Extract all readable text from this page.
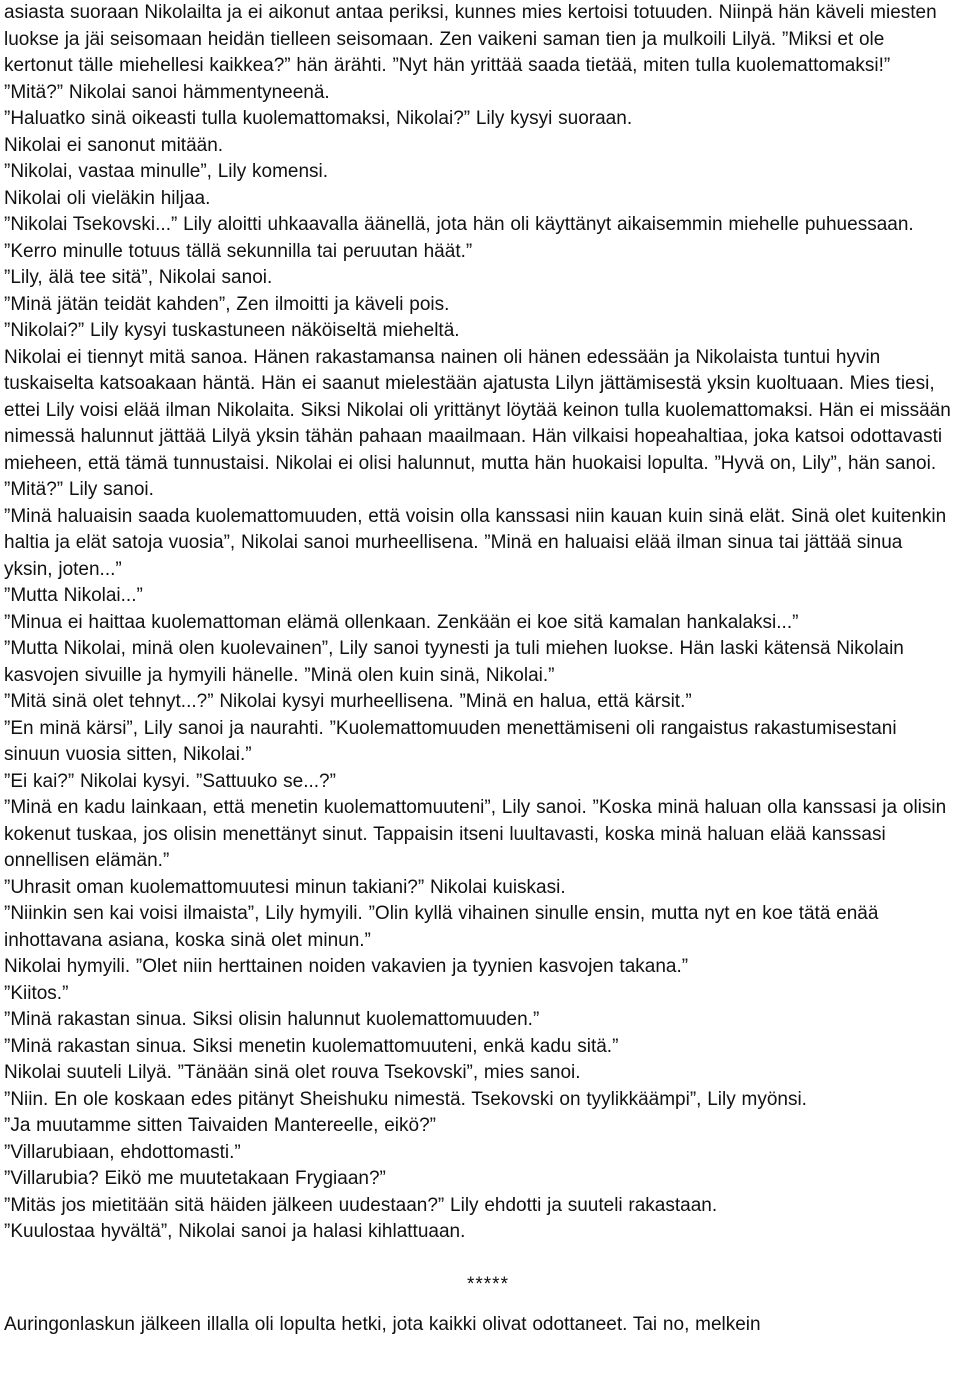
asiasta suoraan Nikolailta ja ei aikonut antaa periksi, kunnes mies kertoisi totuuden. Niinpä hän käveli miesten luokse ja jäi seisomaan heidän tielleen seisomaan. Zen vaikeni saman tien ja mulkoili Lilyä. ”Miksi et ole kertonut tälle miehellesi kaikkea?” hän ärähti. ”Nyt hän yrittää saada tietää, miten tulla kuolemattomaksi!”

”Mitä?” Nikolai sanoi hämmentyneenä.

”Haluatko sinä oikeasti tulla kuolemattomaksi, Nikolai?” Lily kysyi suoraan.

Nikolai ei sanonut mitään.

”Nikolai, vastaa minulle”, Lily komensi.

Nikolai oli vieläkin hiljaa.

”Nikolai Tsekovski...” Lily aloitti uhkaavalla äänellä, jota hän oli käyttänyt aikaisemmin miehelle puhuessaan. ”Kerro minulle totuus tällä sekunnilla tai peruutan häät.”

”Lily, älä tee sitä”, Nikolai sanoi.

”Minä jätän teidät kahden”, Zen ilmoitti ja käveli pois.

”Nikolai?” Lily kysyi tuskastuneen näköiseltä mieheltä.

Nikolai ei tiennyt mitä sanoa. Hänen rakastamansa nainen oli hänen edessään ja Nikolaista tuntui hyvin tuskaiselta katsoakaan häntä. Hän ei saanut mielestään ajatusta Lilyn jättämisestä yksin kuoltuaan. Mies tiesi, ettei Lily voisi elää ilman Nikolaita. Siksi Nikolai oli yrittänyt löytää keinon tulla kuolemattomaksi. Hän ei missään nimessä halunnut jättää Lilyä yksin tähän pahaan maailmaan. Hän vilkaisi hopeahaltiaa, joka katsoi odottavasti mieheen, että tämä tunnustaisi. Nikolai ei olisi halunnut, mutta hän huokaisi lopulta. ”Hyvä on, Lily”, hän sanoi.

”Mitä?” Lily sanoi.

”Minä haluaisin saada kuolemattomuuden, että voisin olla kanssasi niin kauan kuin sinä elät. Sinä olet kuitenkin haltia ja elät satoja vuosia”, Nikolai sanoi murheellisena. ”Minä en haluaisi elää ilman sinua tai jättää sinua yksin, joten...”

”Mutta Nikolai...”

”Minua ei haittaa kuolemattoman elämä ollenkaan. Zenkään ei koe sitä kamalan hankalaksi...”

”Mutta Nikolai, minä olen kuolevainen”, Lily sanoi tyynesti ja tuli miehen luokse. Hän laski kätensä Nikolain kasvojen sivuille ja hymyili hänelle. ”Minä olen kuin sinä, Nikolai.”

”Mitä sinä olet tehnyt...?” Nikolai kysyi murheellisena. ”Minä en halua, että kärsit.”

”En minä kärsi”, Lily sanoi ja naurahti. ”Kuolemattomuuden menettämiseni oli rangaistus rakastumisestani sinuun vuosia sitten, Nikolai.”

”Ei kai?” Nikolai kysyi. ”Sattuuko se...?”

”Minä en kadu lainkaan, että menetin kuolemattomuuteni”, Lily sanoi. ”Koska minä haluan olla kanssasi ja olisin kokenut tuskaa, jos olisin menettänyt sinut. Tappaisin itseni luultavasti, koska minä haluan elää kanssasi onnellisen elämän.”

”Uhrasit oman kuolemattomuutesi minun takiani?” Nikolai kuiskasi.

”Niinkin sen kai voisi ilmaista”, Lily hymyili. ”Olin kyllä vihainen sinulle ensin, mutta nyt en koe tätä enää inhottavana asiana, koska sinä olet minun.”

Nikolai hymyili. ”Olet niin herttainen noiden vakavien ja tyynien kasvojen takana.”

”Kiitos.”

”Minä rakastan sinua. Siksi olisin halunnut kuolemattomuuden.”

”Minä rakastan sinua. Siksi menetin kuolemattomuuteni, enkä kadu sitä.”

Nikolai suuteli Lilyä. ”Tänään sinä olet rouva Tsekovski”, mies sanoi.

”Niin. En ole koskaan edes pitänyt Sheishuku nimestä. Tsekovski on tyylikkäämpi”, Lily myönsi.

”Ja muutamme sitten Taivaiden Mantereelle, eikö?”

”Villarubiaan, ehdottomasti.”

”Villarubia? Eikö me muutetakaan Frygiaan?”

”Mitäs jos mietitään sitä häiden jälkeen uudestaan?” Lily ehdotti ja suuteli rakastaan.

”Kuulostaa hyvältä”, Nikolai sanoi ja halasi kihlattuaan.

*****

Auringonlaskun jälkeen illalla oli lopulta hetki, jota kaikki olivat odottaneet. Tai no, melkein
